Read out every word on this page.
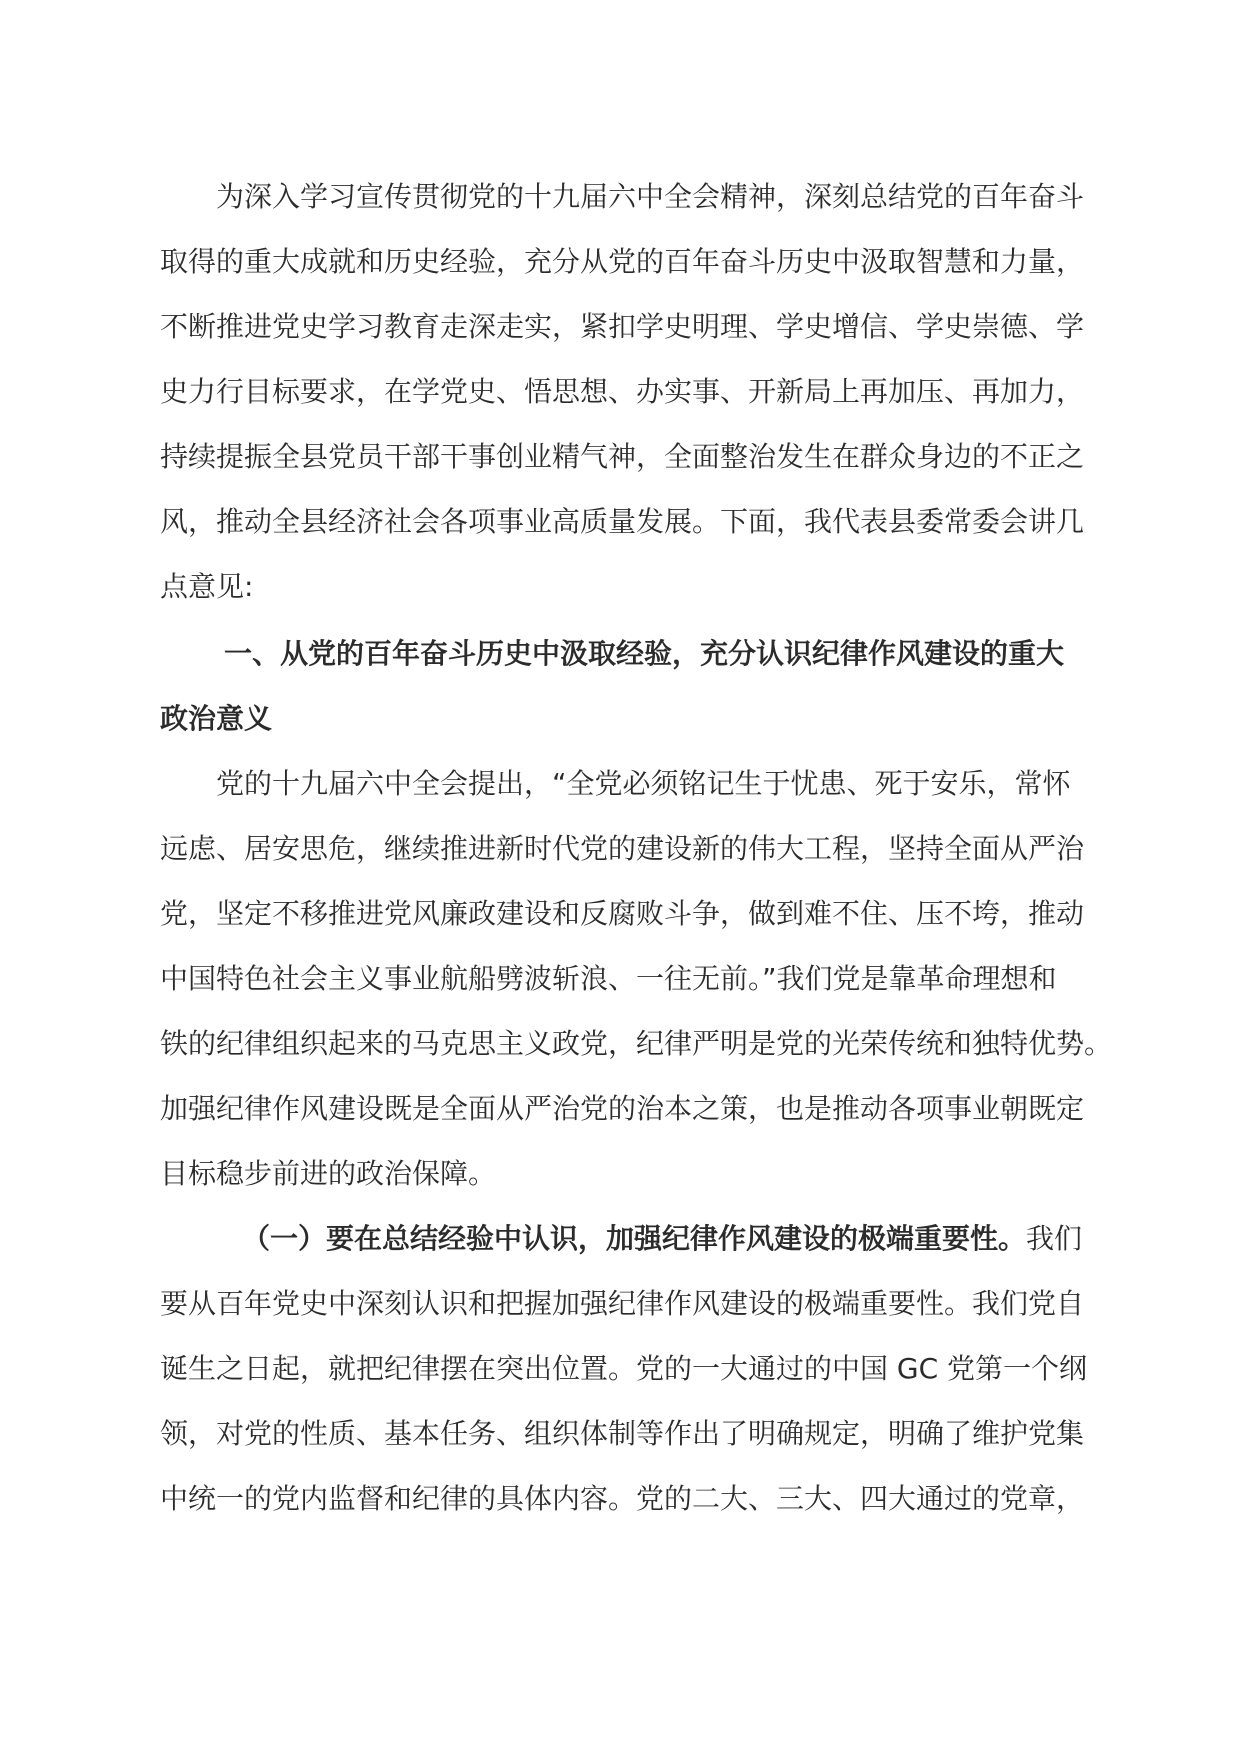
为深入学习宣传贯彻党的十九届六中全会精神，深刻总结党的百年奋斗
取得的重大成就和历史经验，充分从党的百年奋斗历史中汲取智慧和力量，
不断推进党史学习教育走深走实，紧扣学史明理、学史增信、学史崇德、学
史力行目标要求，在学党史、悟思想、办实事、开新局上再加压、再加力，
持续提振全县党员干部干事创业精气神，全面整治发生在群众身边的不正之
风，推动全县经济社会各项事业高质量发展。下面，我代表县委常委会讲几
点意见:
一、从党的百年奋斗历史中汲取经验，充分认识纪律作风建设的重大
政治意义
党的十九届六中全会提出，“全党必须铭记生于忧患、死于安乐，常怀
远虑、居安思危，继续推进新时代党的建设新的伟大工程，坚持全面从严治
党，坚定不移推进党风廉政建设和反腐败斗争，做到难不住、压不垮，推动
中国特色社会主义事业航船劈波斩浪、一往无前。”我们党是靠革命理想和
铁的纪律组织起来的马克思主义政党，纪律严明是党的光荣传统和独特优势。
加强纪律作风建设既是全面从严治党的治本之策，也是推动各项事业朝既定
目标稳步前进的政治保障。
（一）要在总结经验中认识，加强纪律作风建设的极端重要性。我们
要从百年党史中深刻认识和把握加强纪律作风建设的极端重要性。我们党自
诞生之日起，就把纪律摆在突出位置。党的一大通过的中国 GC 党第一个纲
领，对党的性质、基本任务、组织体制等作出了明确规定，明确了维护党集
中统一的党内监督和纪律的具体内容。党的二大、三大、四大通过的党章，
